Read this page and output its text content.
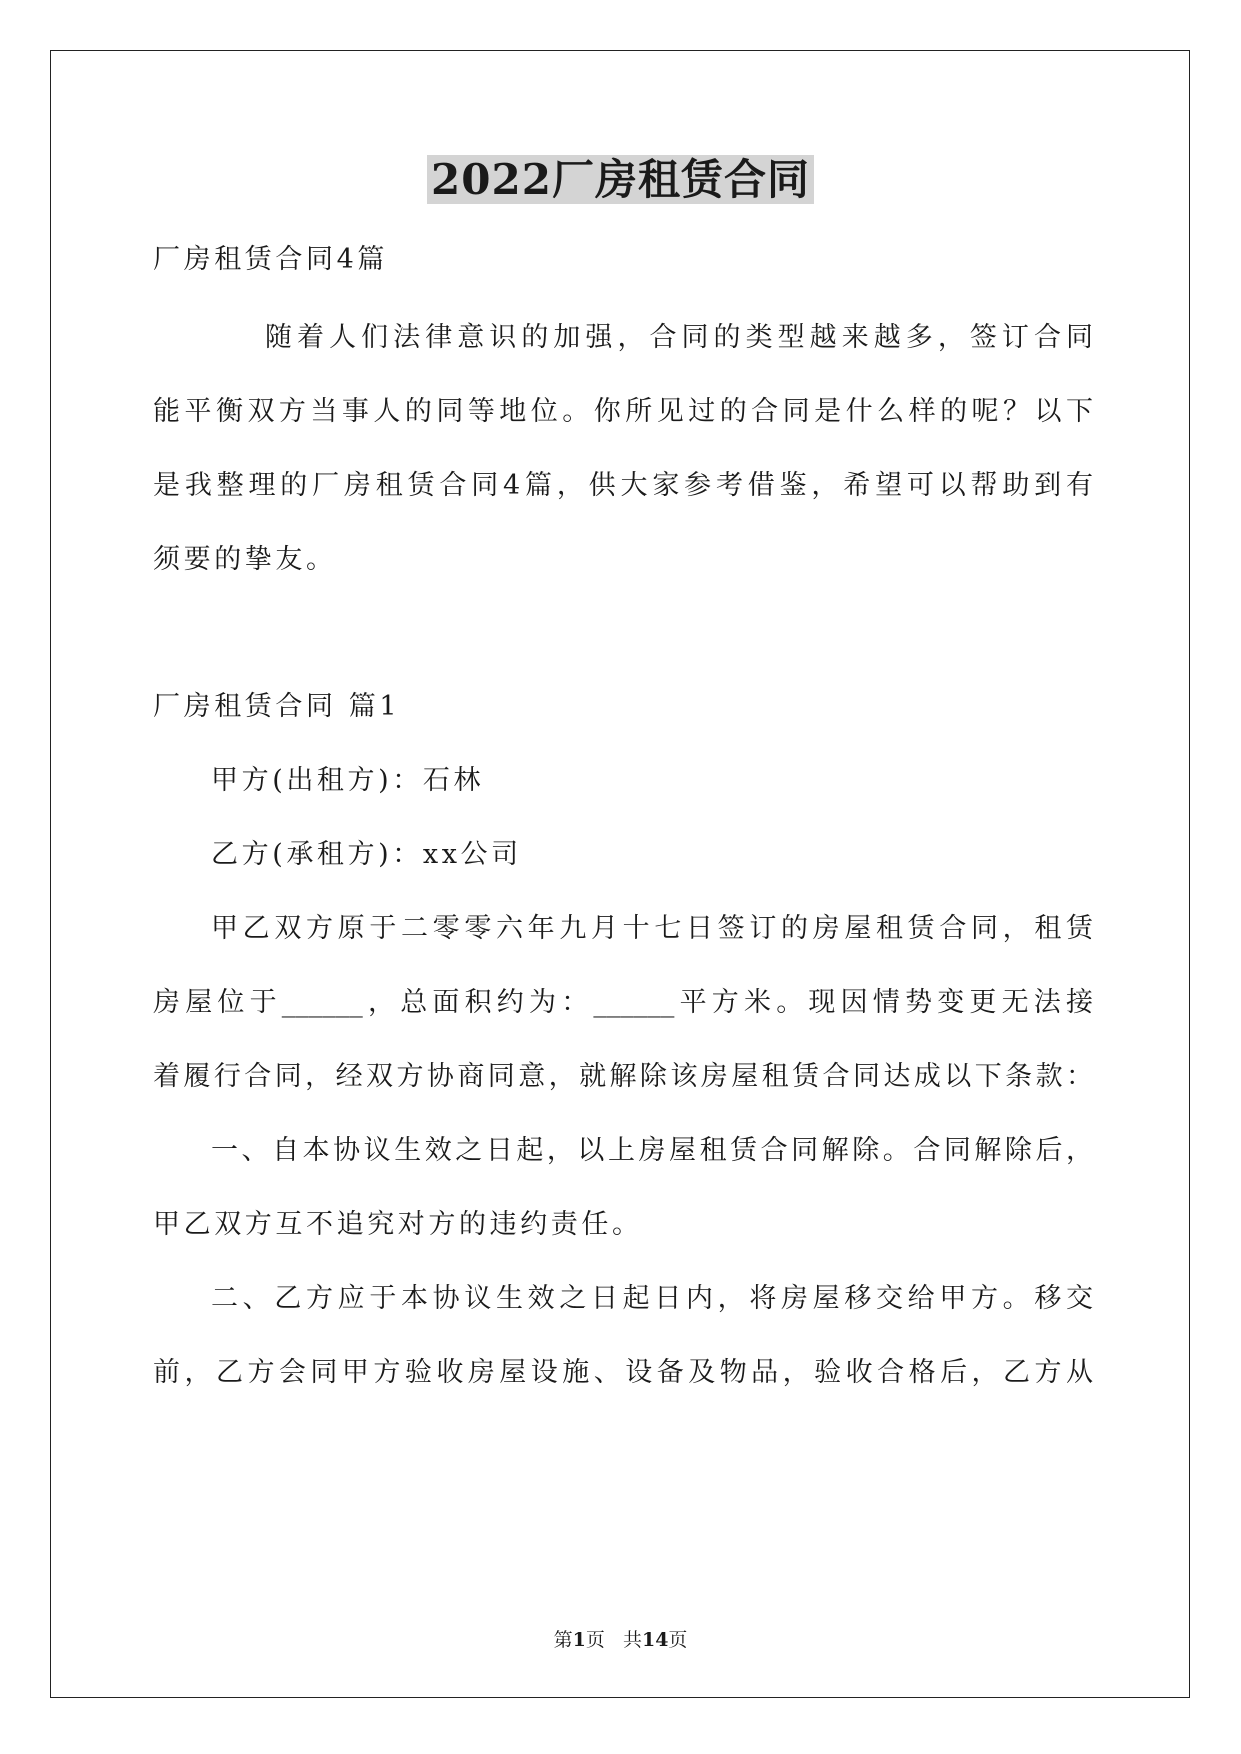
2022厂房租赁合同
厂房租赁合同4篇
随着人们法律意识的加强，合同的类型越来越多，签订合同
能平衡双方当事人的同等地位。你所见过的合同是什么样的呢？以下
是我整理的厂房租赁合同4篇，供大家参考借鉴，希望可以帮助到有
须要的挚友。
厂房租赁合同 篇1
甲方(出租方)：石林
乙方(承租方)：xx公司
甲乙双方原于二零零六年九月十七日签订的房屋租赁合同，租赁
房屋位于______，总面积约为：______平方米。现因情势变更无法接
着履行合同，经双方协商同意，就解除该房屋租赁合同达成以下条款：
一、自本协议生效之日起，以上房屋租赁合同解除。合同解除后，
甲乙双方互不追究对方的违约责任。
二、乙方应于本协议生效之日起日内，将房屋移交给甲方。移交
前，乙方会同甲方验收房屋设施、设备及物品，验收合格后，乙方从
第1页 共14页
